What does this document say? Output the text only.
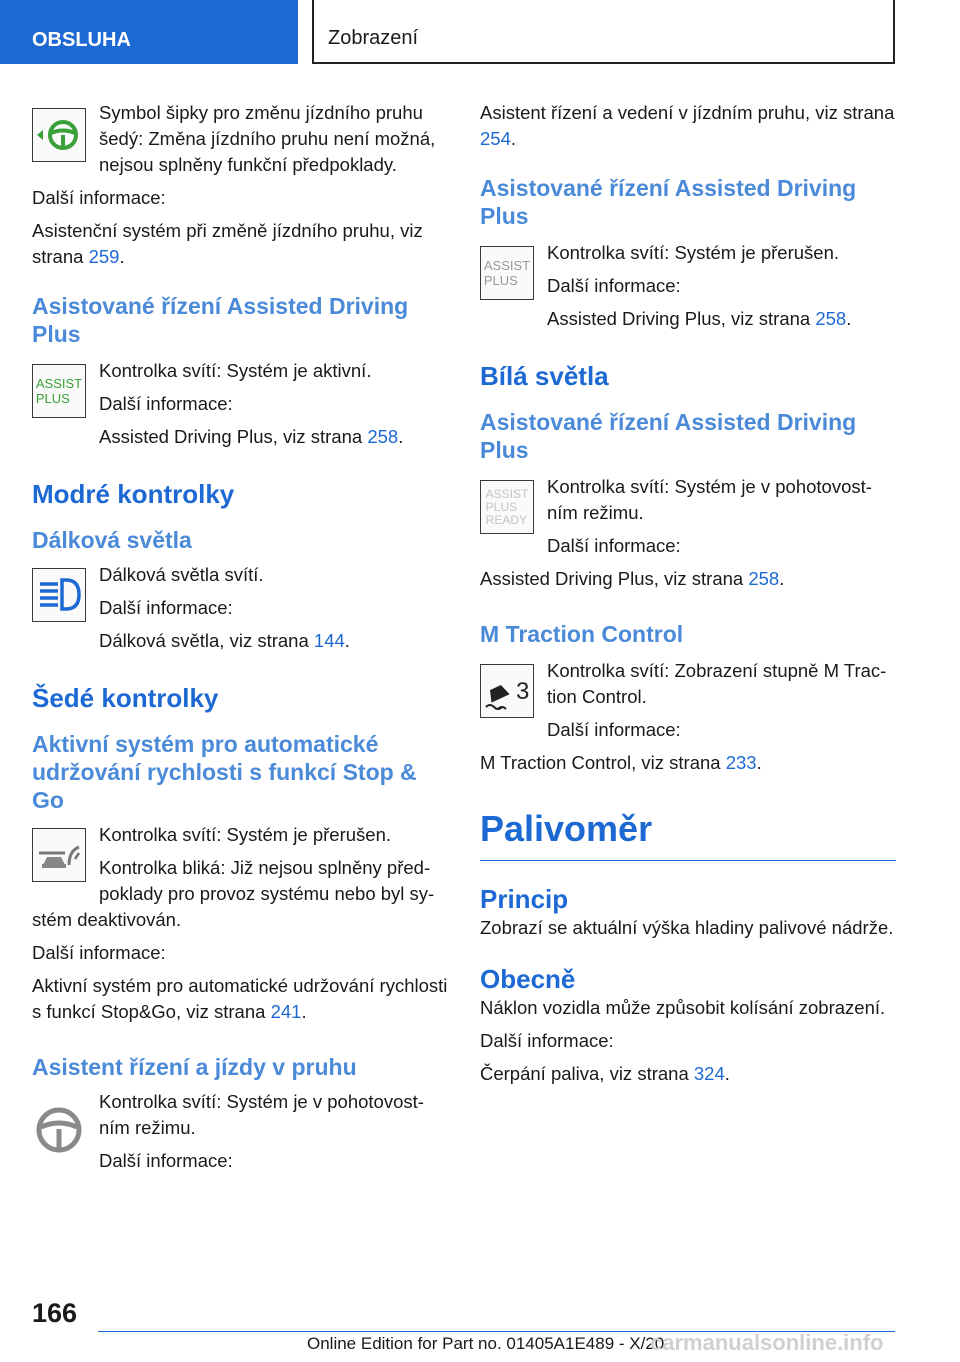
OBSLUHA	Zobrazení

Symbol šipky pro změnu jízdního pruhu šedý: Změna jízdního pruhu není možná, nejsou splněny funkční předpoklady.

Další informace:

Asistenční systém při změně jízdního pruhu, viz strana 259.

Asistované řízení Assisted Driving Plus
ASSIST
PLUS

Kontrolka svítí: Systém je aktivní.

Další informace:

Assisted Driving Plus, viz strana 258.

Modré kontrolky
Dálková světla

Dálková světla svítí.

Další informace:

Dálková světla, viz strana 144.

Šedé kontrolky
Aktivní systém pro automatické udržování rychlosti s funkcí Stop & Go

Kontrolka svítí: Systém je přerušen.

Kontrolka bliká: Již nejsou splněny předpoklady pro provoz systému nebo byl sy-

stém deaktivován.

Další informace:

Aktivní systém pro automatické udržování rychlosti s funkcí Stop&Go, viz strana 241.

Asistent řízení a jízdy v pruhu

Kontrolka svítí: Systém je v pohotovostním režimu.

Další informace:

Asistent řízení a vedení v jízdním pruhu, viz strana 254.

Asistované řízení Assisted Driving Plus
ASSIST
PLUS

Kontrolka svítí: Systém je přerušen.

Další informace:

Assisted Driving Plus, viz strana 258.

Bílá světla
Asistované řízení Assisted Driving Plus
ASSIST
PLUS
READY

Kontrolka svítí: Systém je v pohotovostním režimu.

Další informace:

Assisted Driving Plus, viz strana 258.

M Traction Control
3

Kontrolka svítí: Zobrazení stupně M Traction Control.

Další informace:

M Traction Control, viz strana 233.

Palivoměr
Princip

Zobrazí se aktuální výška hladiny palivové nádrže.

Obecně

Náklon vozidla může způsobit kolísání zobrazení.

Další informace:

Čerpání paliva, viz strana 324.

166
Online Edition for Part no. 01405A1E489 - X/20
carmanualsonline.info
